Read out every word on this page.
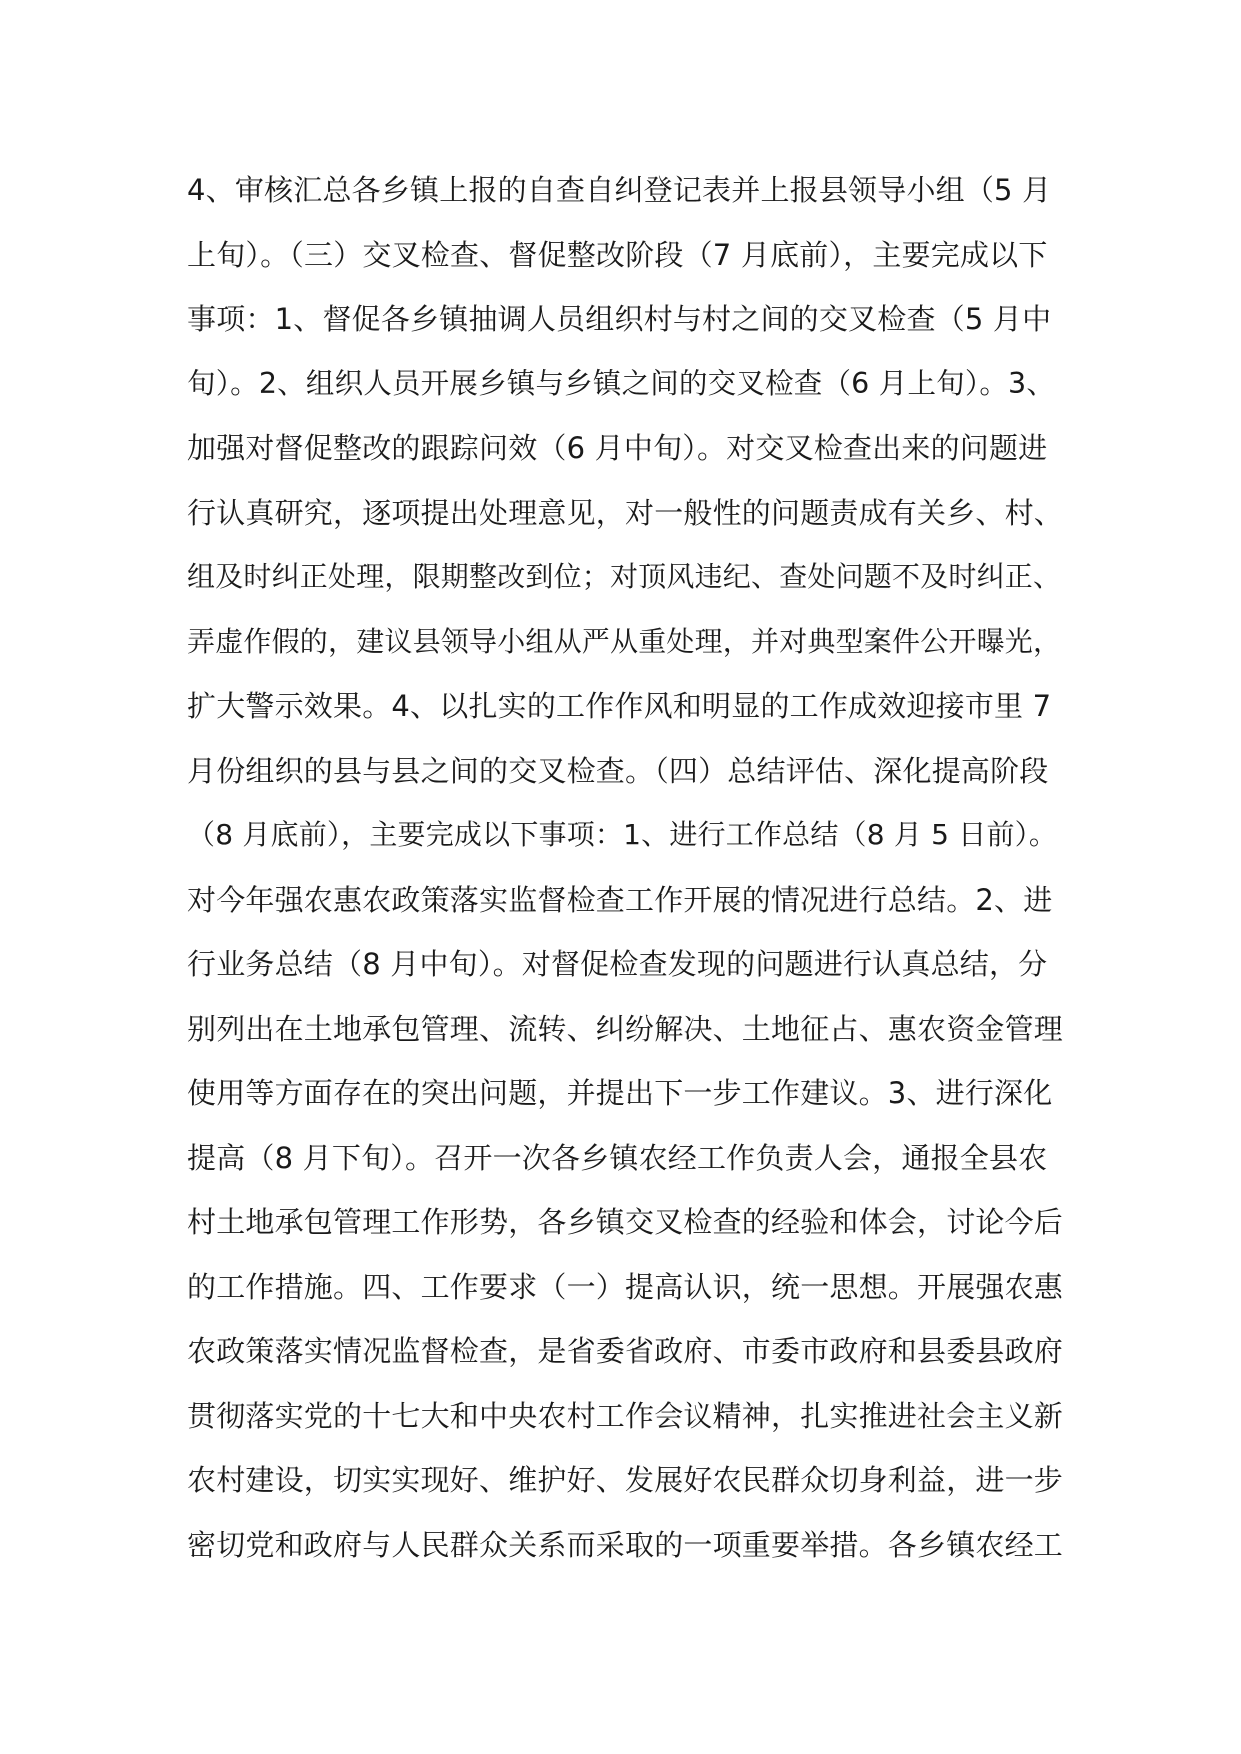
4、审核汇总各乡镇上报的自查自纠登记表并上报县领导小组（5 月
上旬）。（三）交叉检查、督促整改阶段（7 月底前），主要完成以下
事项：1、督促各乡镇抽调人员组织村与村之间的交叉检查（5 月中
旬）。2、组织人员开展乡镇与乡镇之间的交叉检查（6 月上旬）。3、
加强对督促整改的跟踪问效（6 月中旬）。对交叉检查出来的问题进
行认真研究，逐项提出处理意见，对一般性的问题责成有关乡、村、
组及时纠正处理，限期整改到位；对顶风违纪、查处问题不及时纠正、
弄虚作假的，建议县领导小组从严从重处理，并对典型案件公开曝光，
扩大警示效果。4、以扎实的工作作风和明显的工作成效迎接市里 7
月份组织的县与县之间的交叉检查。（四）总结评估、深化提高阶段
（8 月底前），主要完成以下事项：1、进行工作总结（8 月 5 日前）。
对今年强农惠农政策落实监督检查工作开展的情况进行总结。2、进
行业务总结（8 月中旬）。对督促检查发现的问题进行认真总结，分
别列出在土地承包管理、流转、纠纷解决、土地征占、惠农资金管理
使用等方面存在的突出问题，并提出下一步工作建议。3、进行深化
提高（8 月下旬）。召开一次各乡镇农经工作负责人会，通报全县农
村土地承包管理工作形势，各乡镇交叉检查的经验和体会，讨论今后
的工作措施。四、工作要求（一）提高认识，统一思想。开展强农惠
农政策落实情况监督检查，是省委省政府、市委市政府和县委县政府
贯彻落实党的十七大和中央农村工作会议精神，扎实推进社会主义新
农村建设，切实实现好、维护好、发展好农民群众切身利益，进一步
密切党和政府与人民群众关系而采取的一项重要举措。各乡镇农经工
